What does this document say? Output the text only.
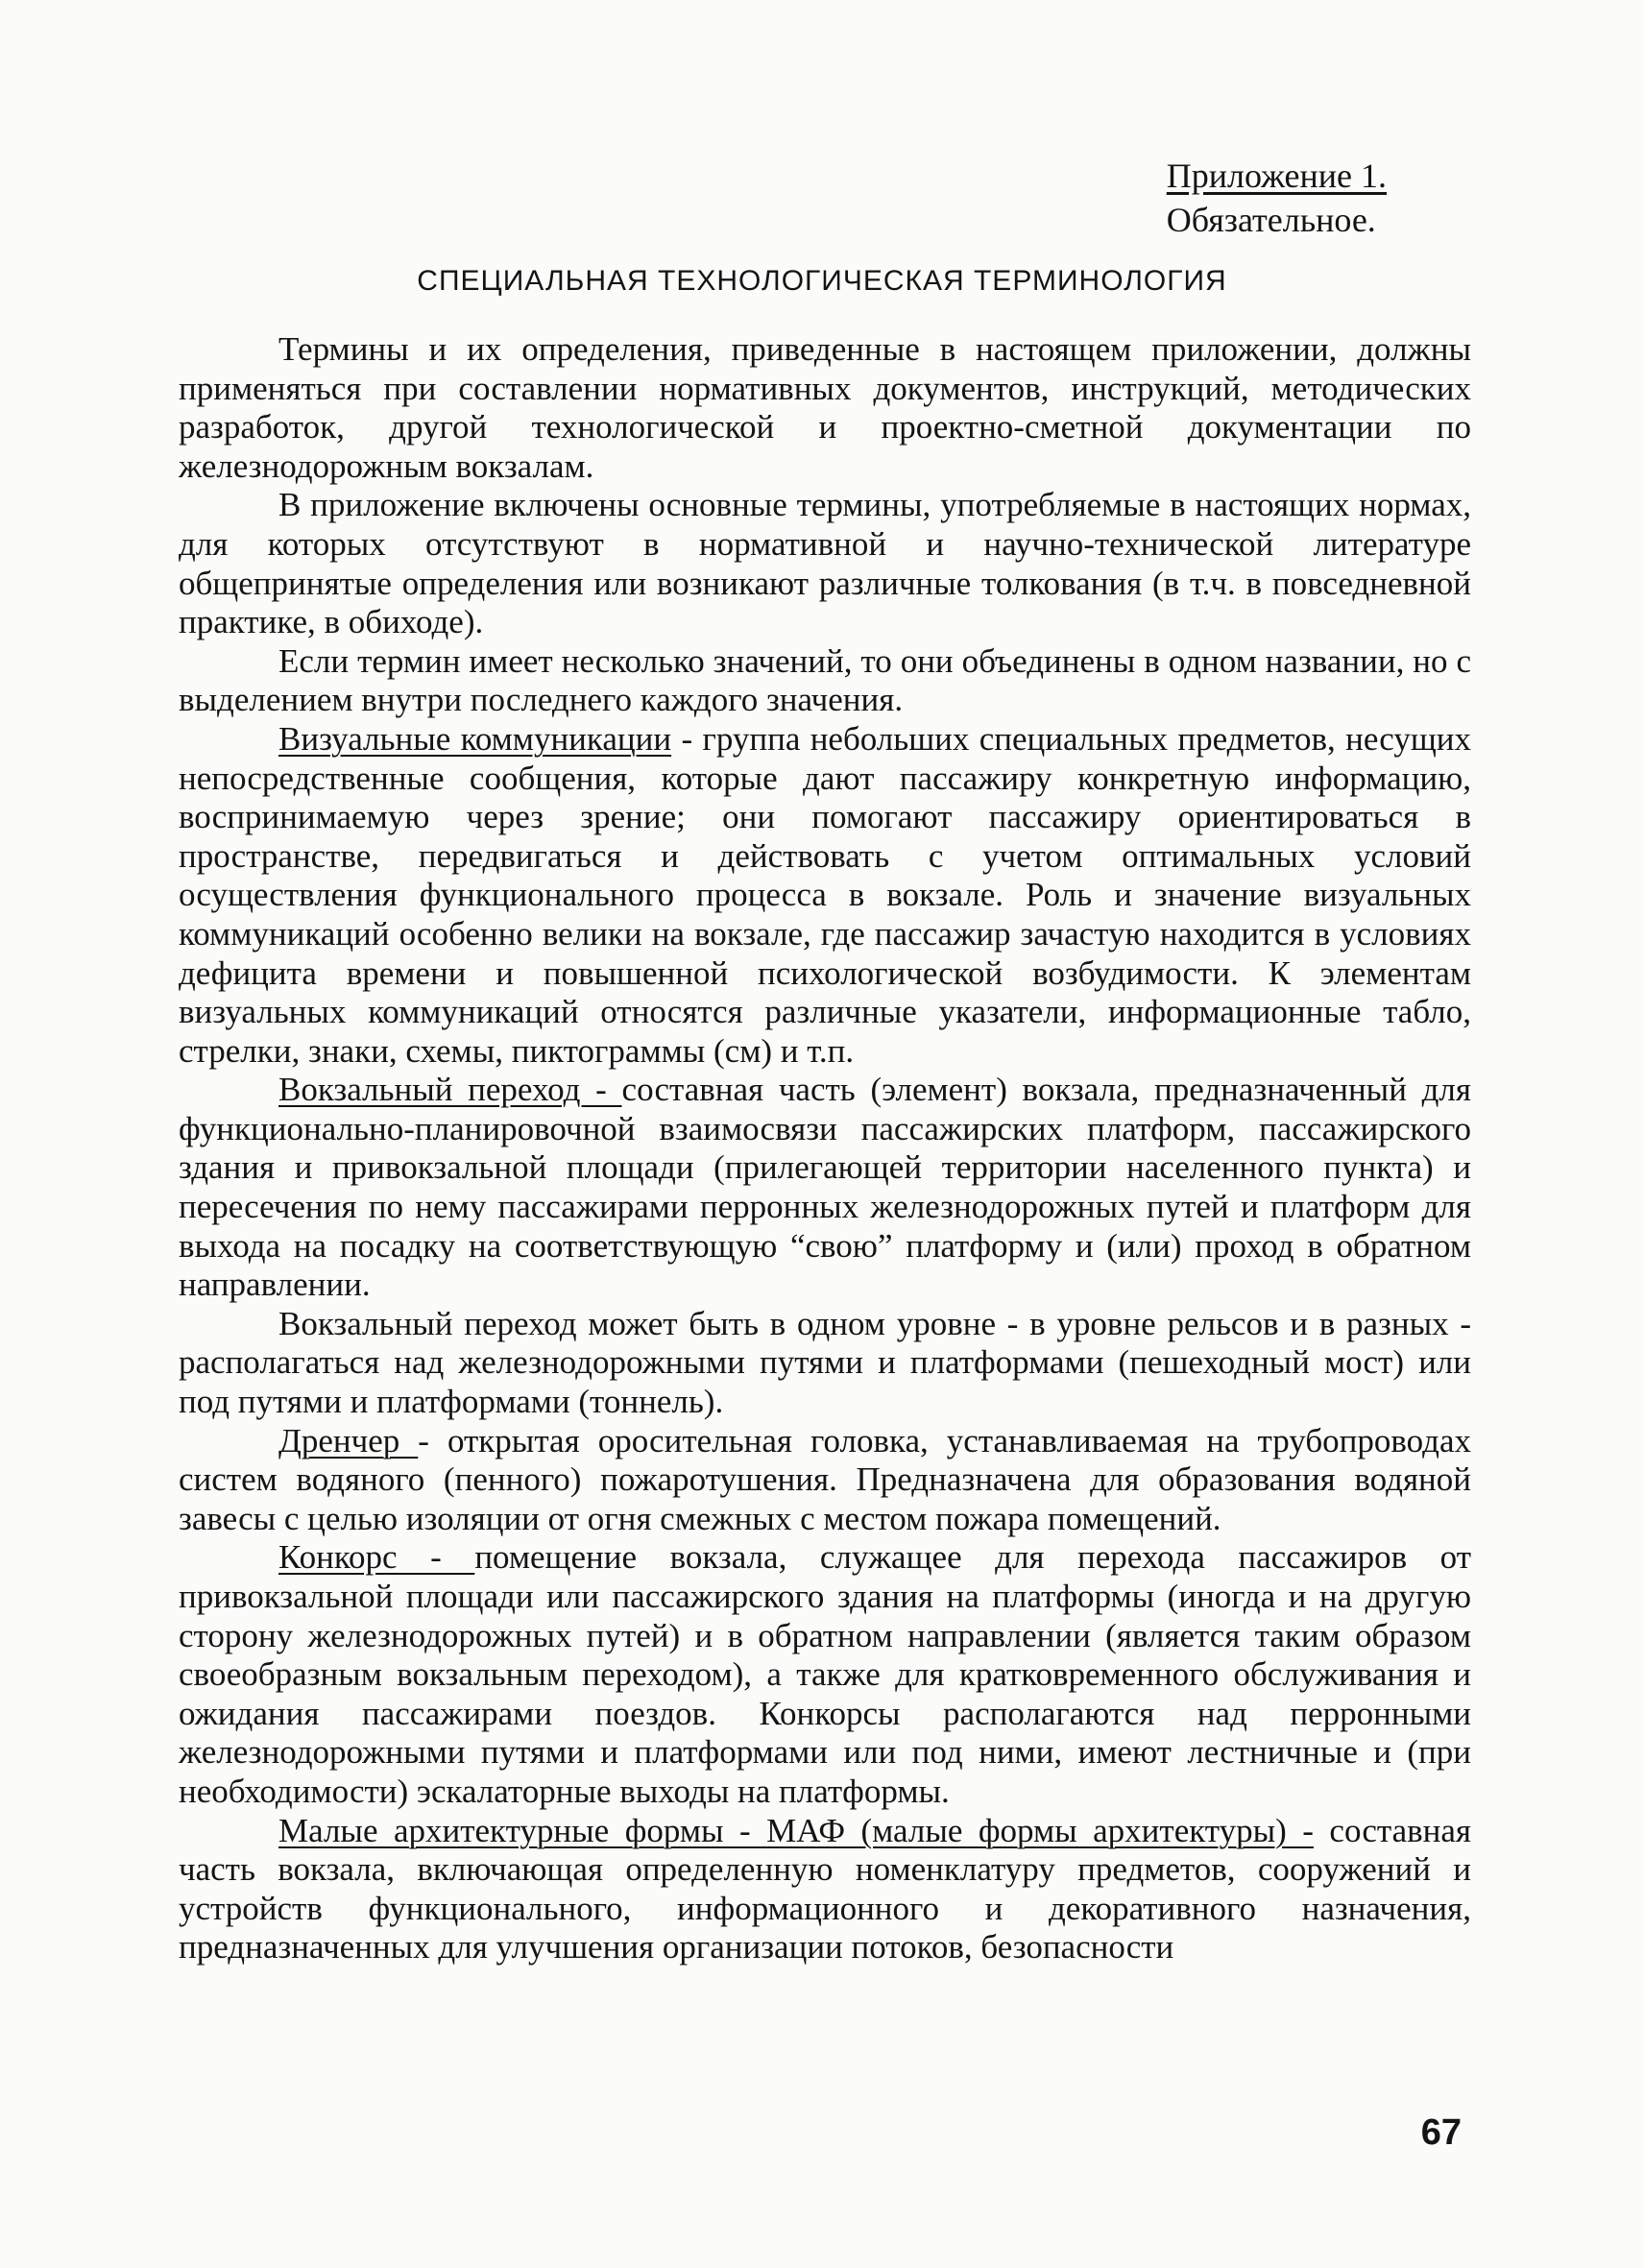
Приложение 1.
Обязательное.
СПЕЦИАЛЬНАЯ ТЕХНОЛОГИЧЕСКАЯ ТЕРМИНОЛОГИЯ

Термины и их определения, приведенные в настоящем приложении, должны применяться при составлении нормативных документов, инструкций, методических разработок, другой технологической и проектно-сметной документации по железнодорожным вокзалам.

В приложение включены основные термины, употребляемые в настоящих нормах, для которых отсутствуют в нормативной и научно-технической литературе общепринятые определения или возникают различные толкования (в т.ч. в повседневной практике, в обиходе).

Если термин имеет несколько значений, то они объединены в одном названии, но с выделением внутри последнего каждого значения.

Визуальные коммуникации - группа небольших специальных предметов, несущих непосредственные сообщения, которые дают пассажиру конкретную информацию, воспринимаемую через зрение; они помогают пассажиру ориентироваться в пространстве, передвигаться и действовать с учетом оптимальных условий осуществления функционального процесса в вокзале. Роль и значение визуальных коммуникаций особенно велики на вокзале, где пассажир зачастую находится в условиях дефицита времени и повышенной психологической возбудимости. К элементам визуальных коммуникаций относятся различные указатели, информационные табло, стрелки, знаки, схемы, пиктограммы (см) и т.п.

Вокзальный переход - составная часть (элемент) вокзала, предназначенный для функционально-планировочной взаимосвязи пассажирских платформ, пассажирского здания и привокзальной площади (прилегающей территории населенного пункта) и пересечения по нему пассажирами перронных железнодорожных путей и платформ для выхода на посадку на соответствующую “свою” платформу и (или) проход в обратном направлении.

Вокзальный переход может быть в одном уровне - в уровне рельсов и в разных - располагаться над железнодорожными путями и платформами (пешеходный мост) или под путями и платформами (тоннель).

Дренчер - открытая оросительная головка, устанавливаемая на трубопроводах систем водяного (пенного) пожаротушения. Предназначена для образования водяной завесы с целью изоляции от огня смежных с местом пожара помещений.

Конкорс - помещение вокзала, служащее для перехода пассажиров от привокзальной площади или пассажирского здания на платформы (иногда и на другую сторону железнодорожных путей) и в обратном направлении (является таким образом своеобразным вокзальным переходом), а также для кратковременного обслуживания и ожидания пассажирами поездов. Конкорсы располагаются над перронными железнодорожными путями и платформами или под ними, имеют лестничные и (при необходимости) эскалаторные выходы на платформы.

Малые архитектурные формы - МАФ (малые формы архитектуры) - составная часть вокзала, включающая определенную номенклатуру предметов, сооружений и устройств функционального, информационного и декоративного назначения, предназначенных для улучшения организации потоков, безопасности

67
